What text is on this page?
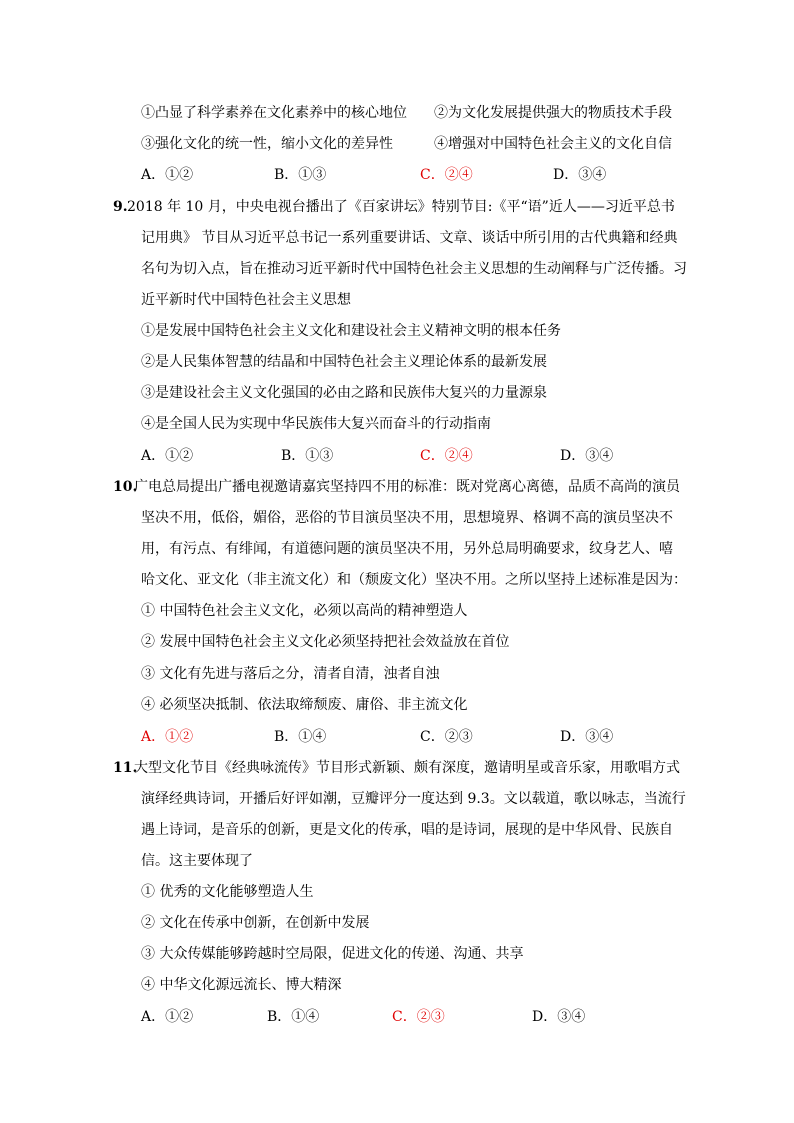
①凸显了科学素养在文化素养中的核心地位 ②为文化发展提供强大的物质技术手段
③强化文化的统一性，缩小文化的差异性	④增强对中国特色社会主义的文化自信
A．①②	B．①③	C．②④	D．③④
9. 2018 年 10 月，中央电视台播出了《百家讲坛》特别节目:《平“语”近人——习近平总书
记用典》 节目从习近平总书记一系列重要讲话、文章、谈话中所引用的古代典籍和经典
名句为切入点，旨在推动习近平新时代中国特色社会主义思想的生动阐释与广泛传播。习
近平新时代中国特色社会主义思想
①是发展中国特色社会主义文化和建设社会主义精神文明的根本任务
②是人民集体智慧的结晶和中国特色社会主义理论体系的最新发展
③是建设社会主义文化强国的必由之路和民族伟大复兴的力量源泉
④是全国人民为实现中华民族伟大复兴而奋斗的行动指南
A．①②	B．①③	C．②④	D．③④
10.
广电总局提出广播电视邀请嘉宾坚持四不用的标准：既对党离心离德，品质不高尚的演员
坚决不用，低俗，媚俗，恶俗的节目演员坚决不用，思想境界、格调不高的演员坚决不
用，有污点、有绯闻，有道德问题的演员坚决不用，另外总局明确要求，纹身艺人、嘻
哈文化、亚文化（非主流文化）和（颓废文化）坚决不用。之所以坚持上述标准是因为：
① 中国特色社会主义文化，必须以高尚的精神塑造人
② 发展中国特色社会主义文化必须坚持把社会效益放在首位
③ 文化有先进与落后之分，清者自清，浊者自浊
④ 必须坚决抵制、依法取缔颓废、庸俗、非主流文化
A．①②	B．①④	C．②③	D．③④
11.
大型文化节目《经典咏流传》节目形式新颖、颇有深度，邀请明星或音乐家，用歌唱方式
演绎经典诗词，开播后好评如潮，豆瓣评分一度达到 9.3。文以载道，歌以咏志，当流行
遇上诗词，是音乐的创新，更是文化的传承，唱的是诗词，展现的是中华风骨、民族自
信。这主要体现了
① 优秀的文化能够塑造人生
② 文化在传承中创新，在创新中发展
③ 大众传媒能够跨越时空局限，促进文化的传递、沟通、共享
④ 中华文化源远流长、博大精深
A．①②	B．①④	C．②③	D．③④
